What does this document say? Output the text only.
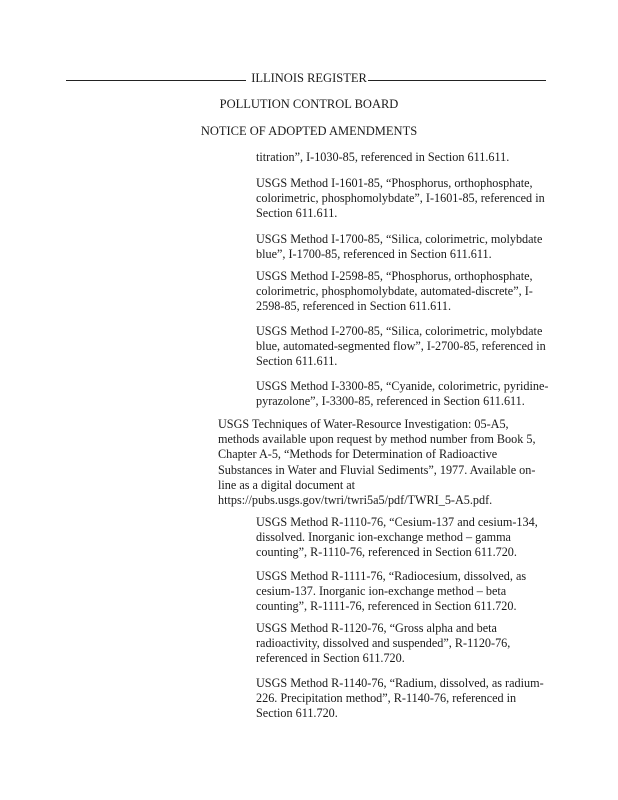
ILLINOIS REGISTER
POLLUTION CONTROL BOARD
NOTICE OF ADOPTED AMENDMENTS
titration”, I-1030-85, referenced in Section 611.611.
USGS Method I-1601-85, “Phosphorus, orthophosphate,
colorimetric, phosphomolybdate”, I-1601-85, referenced in
Section 611.611.
USGS Method I-1700-85, “Silica, colorimetric, molybdate
blue”, I-1700-85, referenced in Section 611.611.
USGS Method I-2598-85, “Phosphorus, orthophosphate,
colorimetric, phosphomolybdate, automated-discrete”, I-
2598-85, referenced in Section 611.611.
USGS Method I-2700-85, “Silica, colorimetric, molybdate
blue, automated-segmented flow”, I-2700-85, referenced in
Section 611.611.
USGS Method I-3300-85, “Cyanide, colorimetric, pyridine-
pyrazolone”, I-3300-85, referenced in Section 611.611.
USGS Techniques of Water-Resource Investigation: 05-A5,
methods available upon request by method number from Book 5,
Chapter A-5, “Methods for Determination of Radioactive
Substances in Water and Fluvial Sediments”, 1977. Available on-
line as a digital document at
https://pubs.usgs.gov/twri/twri5a5/pdf/TWRI_5-A5.pdf.
USGS Method R-1110-76, “Cesium-137 and cesium-134,
dissolved. Inorganic ion-exchange method – gamma
counting”, R-1110-76, referenced in Section 611.720.
USGS Method R-1111-76, “Radiocesium, dissolved, as
cesium-137. Inorganic ion-exchange method – beta
counting”, R-1111-76, referenced in Section 611.720.
USGS Method R-1120-76, “Gross alpha and beta
radioactivity, dissolved and suspended”, R-1120-76,
referenced in Section 611.720.
USGS Method R-1140-76, “Radium, dissolved, as radium-
226. Precipitation method”, R-1140-76, referenced in
Section 611.720.
